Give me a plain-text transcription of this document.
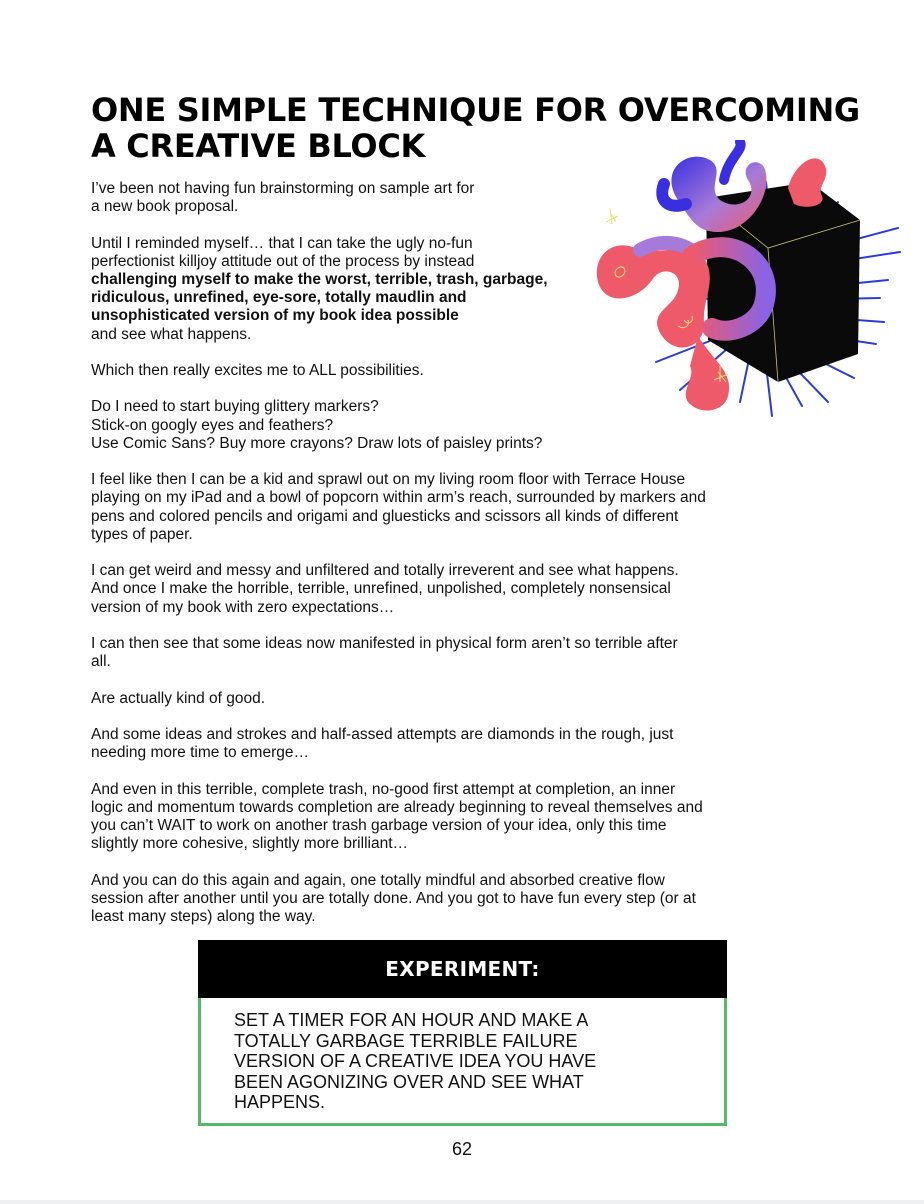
ONE SIMPLE TECHNIQUE FOR OVERCOMING
A CREATIVE BLOCK

I’ve been not having fun brainstorming on sample art for
a new book proposal.

Until I reminded myself… that I can take the ugly no-fun
perfectionist killjoy attitude out of the process by instead
challenging myself to make the worst, terrible, trash, garbage,
ridiculous, unrefined, eye-sore, totally maudlin and
unsophisticated version of my book idea possible
and see what happens.

Which then really excites me to ALL possibilities.

Do I need to start buying glittery markers?
Stick-on googly eyes and feathers?
Use Comic Sans? Buy more crayons? Draw lots of paisley prints?

I feel like then I can be a kid and sprawl out on my living room floor with Terrace House
playing on my iPad and a bowl of popcorn within arm’s reach, surrounded by markers and
pens and colored pencils and origami and gluesticks and scissors all kinds of different
types of paper.

I can get weird and messy and unfiltered and totally irreverent and see what happens.
And once I make the horrible, terrible, unrefined, unpolished, completely nonsensical
version of my book with zero expectations…

I can then see that some ideas now manifested in physical form aren’t so terrible after
all.

Are actually kind of good.

And some ideas and strokes and half-assed attempts are diamonds in the rough, just
needing more time to emerge…

And even in this terrible, complete trash, no-good first attempt at completion, an inner
logic and momentum towards completion are already beginning to reveal themselves and
you can’t WAIT to work on another trash garbage version of your idea, only this time
slightly more cohesive, slightly more brilliant…

And you can do this again and again, one totally mindful and absorbed creative flow
session after another until you are totally done. And you got to have fun every step (or at
least many steps) along the way.

EXPERIMENT:
SET A TIMER FOR AN HOUR AND MAKE A
TOTALLY GARBAGE TERRIBLE FAILURE
VERSION OF A CREATIVE IDEA YOU HAVE
BEEN AGONIZING OVER AND SEE WHAT
HAPPENS.
62
